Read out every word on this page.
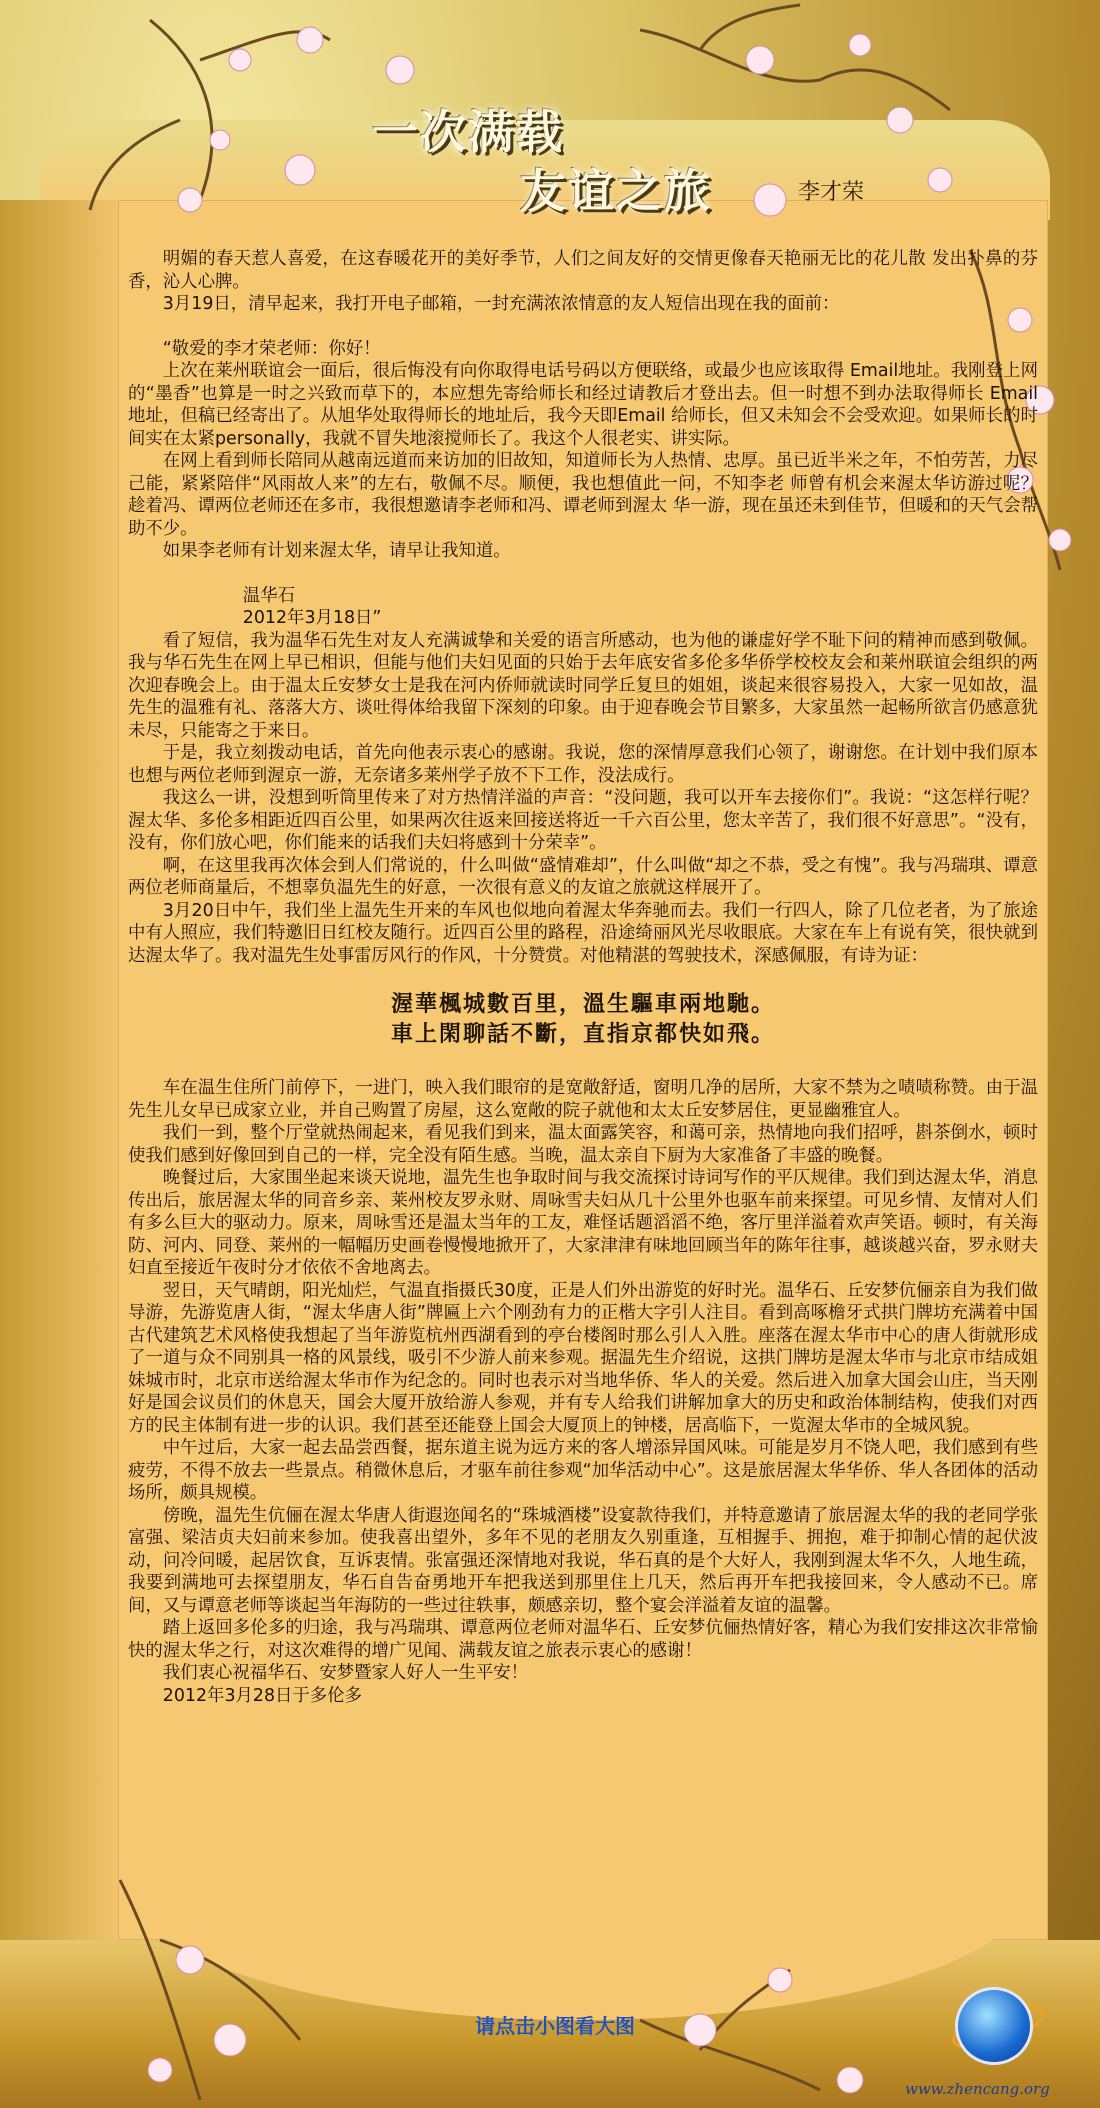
一次满载
友谊之旅	李才荣

明媚的春天惹人喜爱，在这春暖花开的美好季节，人们之间友好的交情更像春天艳丽无比的花儿散 发出扑鼻的芬香，沁人心脾。

3月19日，清早起来，我打开电子邮箱，一封充满浓浓情意的友人短信出现在我的面前：

“敬爱的李才荣老师：你好！

上次在莱州联谊会一面后，很后悔没有向你取得电话号码以方便联络，或最少也应该取得 Email地址。我刚登上网的“墨香”也算是一时之兴致而草下的，本应想先寄给师长和经过请教后才登出去。但一时想不到办法取得师长 Email 地址，但稿已经寄出了。从旭华处取得师长的地址后，我今天即Email 给师长，但又未知会不会受欢迎。如果师长的时间实在太紧personally，我就不冒失地滚搅师长了。我这个人很老实、讲实际。

在网上看到师长陪同从越南远道而来访加的旧故知，知道师长为人热情、忠厚。虽已近半米之年，不怕劳苦，力尽己能，紧紧陪伴“风雨故人来”的左右，敬佩不尽。顺便，我也想值此一问，不知李老 师曾有机会来渥太华访游过呢？趁着冯、谭两位老师还在多市，我很想邀请李老师和冯、谭老师到渥太 华一游，现在虽还未到佳节，但暖和的天气会帮助不少。

如果李老师有计划来渥太华，请早让我知道。

温华石

2012年3月18日”

看了短信，我为温华石先生对友人充满诚挚和关爱的语言所感动，也为他的谦虚好学不耻下问的精神而感到敬佩。我与华石先生在网上早已相识，但能与他们夫妇见面的只始于去年底安省多伦多华侨学校校友会和莱州联谊会组织的两次迎春晚会上。由于温太丘安梦女士是我在河内侨师就读时同学丘复旦的姐姐，谈起来很容易投入，大家一见如故，温先生的温雅有礼、落落大方、谈吐得体给我留下深刻的印象。由于迎春晚会节目繁多，大家虽然一起畅所欲言仍感意犹未尽，只能寄之于来日。

于是，我立刻拨动电话，首先向他表示衷心的感谢。我说，您的深情厚意我们心领了，谢谢您。在计划中我们原本也想与两位老师到渥京一游，无奈诸多莱州学子放不下工作，没法成行。

我这么一讲，没想到听筒里传来了对方热情洋溢的声音：“没问题，我可以开车去接你们”。我说：“这怎样行呢？渥太华、多伦多相距近四百公里，如果两次往返来回接送将近一千六百公里，您太辛苦了，我们很不好意思”。“没有，没有，你们放心吧，你们能来的话我们夫妇将感到十分荣幸”。

啊，在这里我再次体会到人们常说的，什么叫做“盛情难却”，什么叫做“却之不恭，受之有愧”。我与冯瑞琪、谭意两位老师商量后，不想辜负温先生的好意，一次很有意义的友谊之旅就这样展开了。

3月20日中午，我们坐上温先生开来的车风也似地向着渥太华奔驰而去。我们一行四人，除了几位老者，为了旅途中有人照应，我们特邀旧日红校友随行。近四百公里的路程，沿途绮丽风光尽收眼底。大家在车上有说有笑，很快就到达渥太华了。我对温先生处事雷厉风行的作风，十分赞赏。对他精湛的驾驶技术，深感佩服，有诗为证：

渥華楓城數百里，溫生驅車兩地馳。
車上閑聊話不斷，直指京都快如飛。

车在温生住所门前停下，一进门，映入我们眼帘的是宽敞舒适，窗明几净的居所，大家不禁为之啧啧称赞。由于温先生儿女早已成家立业，并自己购置了房屋，这么宽敞的院子就他和太太丘安梦居住，更显幽雅宜人。

我们一到，整个厅堂就热闹起来，看见我们到来，温太面露笑容，和蔼可亲，热情地向我们招呼，斟茶倒水，顿时使我们感到好像回到自己的一样，完全没有陌生感。当晚，温太亲自下厨为大家准备了丰盛的晚餐。

晚餐过后，大家围坐起来谈天说地，温先生也争取时间与我交流探讨诗词写作的平仄规律。我们到达渥太华，消息传出后，旅居渥太华的同音乡亲、莱州校友罗永财、周咏雪夫妇从几十公里外也驱车前来探望。可见乡情、友情对人们有多么巨大的驱动力。原来，周咏雪还是温太当年的工友，难怪话题滔滔不绝，客厅里洋溢着欢声笑语。顿时，有关海防、河内、同登、莱州的一幅幅历史画卷慢慢地掀开了，大家津津有味地回顾当年的陈年往事，越谈越兴奋，罗永财夫妇直至接近午夜时分才依依不舍地离去。

翌日，天气晴朗，阳光灿烂，气温直指摄氏30度，正是人们外出游览的好时光。温华石、丘安梦伉俪亲自为我们做导游，先游览唐人街，“渥太华唐人街”牌匾上六个刚劲有力的正楷大字引人注目。看到高啄檐牙式拱门牌坊充满着中国古代建筑艺术风格使我想起了当年游览杭州西湖看到的亭台楼阁时那么引人入胜。座落在渥太华市中心的唐人街就形成了一道与众不同别具一格的风景线，吸引不少游人前来参观。据温先生介绍说，这拱门牌坊是渥太华市与北京市结成姐妹城市时，北京市送给渥太华市作为纪念的。同时也表示对当地华侨、华人的关爱。然后进入加拿大国会山庄，当天刚好是国会议员们的休息天，国会大厦开放给游人参观，并有专人给我们讲解加拿大的历史和政治体制结构，使我们对西方的民主体制有进一步的认识。我们甚至还能登上国会大厦顶上的钟楼，居高临下，一览渥太华市的全城风貌。

中午过后，大家一起去品尝西餐，据东道主说为远方来的客人增添异国风味。可能是岁月不饶人吧，我们感到有些疲劳，不得不放去一些景点。稍微休息后，才驱车前往参观“加华活动中心”。这是旅居渥太华华侨、华人各团体的活动场所，颇具规模。

傍晚，温先生伉俪在渥太华唐人街遐迩闻名的“珠城酒楼”设宴款待我们，并特意邀请了旅居渥太华的我的老同学张富强、梁洁贞夫妇前来参加。使我喜出望外，多年不见的老朋友久别重逢，互相握手、拥抱，难于抑制心情的起伏波动，问冷问暖，起居饮食，互诉衷情。张富强还深情地对我说，华石真的是个大好人，我刚到渥太华不久，人地生疏，我要到满地可去探望朋友，华石自告奋勇地开车把我送到那里住上几天，然后再开车把我接回来，令人感动不已。席间，又与谭意老师等谈起当年海防的一些过往轶事，颇感亲切，整个宴会洋溢着友谊的温馨。

踏上返回多伦多的归途，我与冯瑞琪、谭意两位老师对温华石、丘安梦伉俪热情好客，精心为我们安排这次非常愉快的渥太华之行，对这次难得的增广见闻、满载友谊之旅表示衷心的感谢！

我们衷心祝福华石、安梦暨家人好人一生平安！

2012年3月28日于多伦多

请点击小图看大图
www.zhencang.org
